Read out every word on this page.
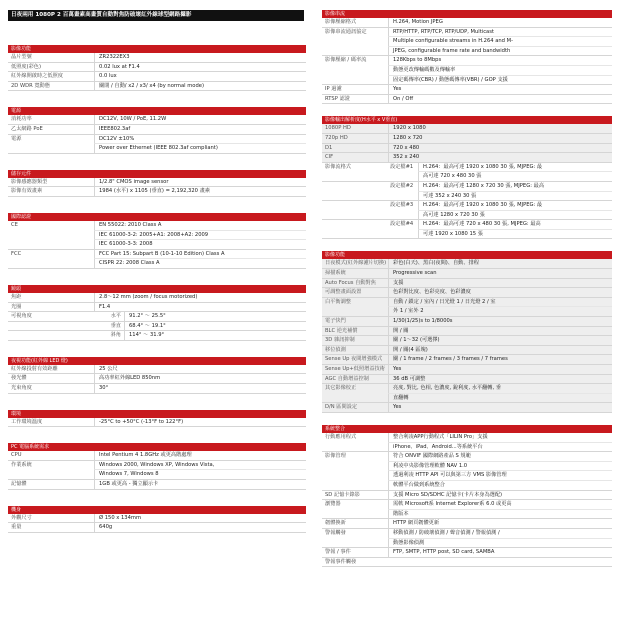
日夜兩用 1080P 2 百萬畫素高畫質自動對焦防破壞紅外線球型網路攝影
影像功能
晶片型號	ZR2322EX3
低照度(彩色)	0.02 lux at F1.4
紅外線開啟時之低照度	0.0 lux
2D WDR 寬動態	關閉 / 自動/ x2 / x3/ x4 (by normal mode)
電源
消耗功率	DC12V, 10W / PoE, 11.2W
乙太網路 PoE	IEEE802.3af
電源	DC12V ±10%
Power over Ethernet (IEEE 802.3af compliant)
儲存元件
影像感應器類型	1/2.8" CMOS image sensor
影像有效畫素	1984 (水平) x 1105 (垂直) = 2,192,320 畫素
國際認證
CE	EN 55022: 2010 Class A
IEC 61000-3-2: 2005+A1: 2008+A2: 2009
IEC 61000-3-3: 2008
FCC	FCC Part 15: Subpart B (10-1-10 Edition) Class A
CISPR 22: 2008 Class A
鏡頭
焦距	2.8～12 mm (zoom / focus motorized)
光圈	F1.4
可視角度	水平	91.2° ～ 25.5°
垂直	68.4° ～ 19.1°
斜角	114° ～ 31.9°
夜視功能(紅外線 LED 燈)
紅外線投射有效距離	25 公尺
發光體	高功率紅外線LED 850nm
光束角度	30°
環境
工作環境溫度	-25°C to +50°C (-13°F to 122°F)
PC 電腦系統需求
CPU	Intel Pentium 4 1.8GHz 或更高階處理
作業系統	Windows 2000, Windows XP, Windows Vista,
Windows 7, Windows 8
記憶體	1GB 或更高 - 獨立顯示卡
機身
外觀尺寸	Ø 150 x 134mm
重量	640g
影像串流
影像壓縮格式	H.264, Motion JPEG
影像串流通訊協定	RTP/HTTP, RTP/TCP, RTP/UDP, Multicast
Multiple configurable streams in H.264 and M-
JPEG, configurable frame rate and bandwidth
影像壓縮 / 碼率流	128Kbps to 8Mbps
動態更改傳輸碼數及傳輸率
固定碼傳率(CBR) / 動態碼傳率(VBR) / GOP 支援
IP 過濾	Yes
RTSP 認證	On / Off
影像輸出解析度(H水平 x V垂直)
1080P HD	1920 x 1080
720p HD	1280 x 720
D1	720 x 480
CIF	352 x 240
影像流格式	設定檔#1	H.264：最高可達 1920 x 1080 30 張, MJPEG: 最
高可達 720 x 480 30 張
設定檔#2	H.264：最高可達 1280 x 720 30 張, MJPEG: 最高
可達 352 x 240 30 張
設定檔#3	H.264：最高可達 1920 x 1080 30 張, MJPEG: 最
高可達 1280 x 720 30 張
設定檔#4	H.264：最高可達 720 x 480 30 張, MJPEG: 最高
可達 1920 x 1080 15 張
影像功能
日夜模式(紅外線濾片切換)	彩色(白天)、黑白(夜間)、自動、排程
掃描系統	Progressive scan
Auto Focus 自動對焦	支援
可調整畫面設置	色彩對比度、色彩亮度、色彩濃度
白平衡調整	自動 / 鎖定 / 室內 / 日光燈 1 / 日光燈 2 / 室
外 1 / 室外 2
電子快門	1/30(1/25)s to 1/8000s
BLC 逆光補償	開 / 關
3D 雜訊抑制	關 / 1～32 (可選擇)
移位偵測	開 / 關(4 區塊)
Sense Up 夜間增強模式	關 / 1 frame / 2 frames / 3 frames / 7 frames
Sense Up+低照增益技術	Yes
AGC 自動增益控制	36 dB 可調整
其它影像校正	亮度, 對比, 色相, 色濃度, 銳利度, 水平翻轉, 垂
直翻轉
D/N 區間設定	Yes
系統整合
行動應用程式	整合利凌APP行動程式「LILIN Pro」支援
iPhone、iPad、Android...等系統平台
影像管理	符合 ONVIF 國際網路產品 S 規範
利凌中央影像管理軟體 NAV 1.0
透過利凌 HTTP API 可以與第三方 VMS 影像管理
軟體平台做到系統整合
SD 記憶卡錄影	支援 Micro SD/SDHC 記憶卡(卡片本身為選配)
瀏覽器	需軟 Microsoft系 Internet Explorer系 6.0 或更高
階版本
韌體換新	HTTP 網頁韌體更新
警報觸發	移動偵測 / 防破壞偵測 / 聲音偵測 / 警報偵測 /
動態影像偵測
警報 / 事件	FTP, SMTP, HTTP post, SD card, SAMBA
警報事件觸發
